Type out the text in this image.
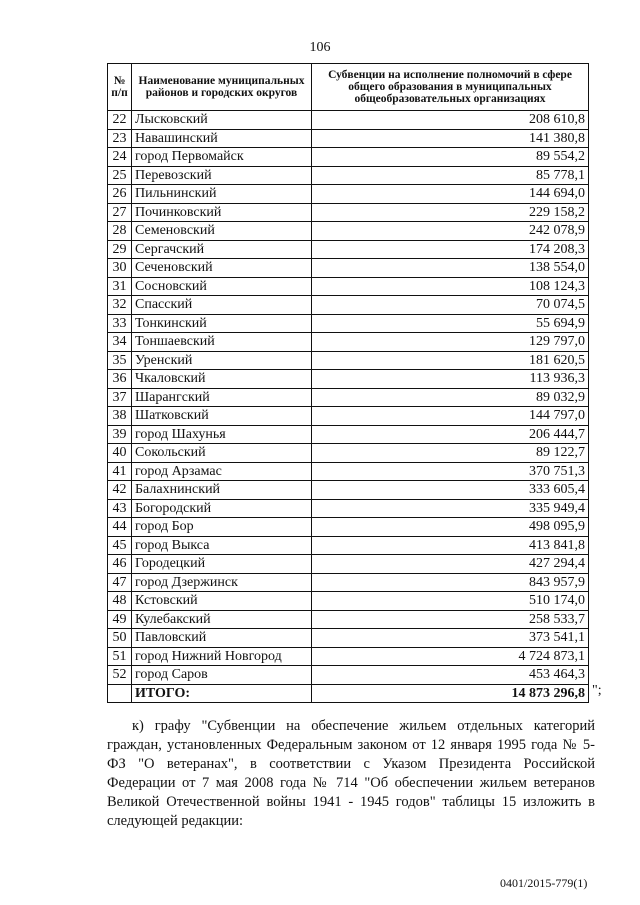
106
№ п/п	Наименование муниципальных районов и городских округов	Субвенции на исполнение полномочий в сфере общего образования в муниципальных общеобразовательных организациях
22	Лысковский	208 610,8
23	Навашинский	141 380,8
24	город Первомайск	89 554,2
25	Перевозский	85 778,1
26	Пильнинский	144 694,0
27	Починковский	229 158,2
28	Семеновский	242 078,9
29	Сергачский	174 208,3
30	Сеченовский	138 554,0
31	Сосновский	108 124,3
32	Спасский	70 074,5
33	Тонкинский	55 694,9
34	Тоншаевский	129 797,0
35	Уренский	181 620,5
36	Чкаловский	113 936,3
37	Шарангский	89 032,9
38	Шатковский	144 797,0
39	город Шахунья	206 444,7
40	Сокольский	89 122,7
41	город Арзамас	370 751,3
42	Балахнинский	333 605,4
43	Богородский	335 949,4
44	город Бор	498 095,9
45	город Выкса	413 841,8
46	Городецкий	427 294,4
47	город Дзержинск	843 957,9
48	Кстовский	510 174,0
49	Кулебакский	258 533,7
50	Павловский	373 541,1
51	город Нижний Новгород	4 724 873,1
52	город Саров	453 464,3
	ИТОГО:	14 873 296,8 ";

к) графу "Субвенции на обеспечение жильем отдельных категорий граждан, установленных Федеральным законом от 12 января 1995 года № 5-ФЗ "О ветеранах", в соответствии с Указом Президента Российской Федерации от 7 мая 2008 года № 714 "Об обеспечении жильем ветеранов Великой Отечественной войны 1941 - 1945 годов" таблицы 15 изложить в следующей редакции:

0401/2015-779(1)
